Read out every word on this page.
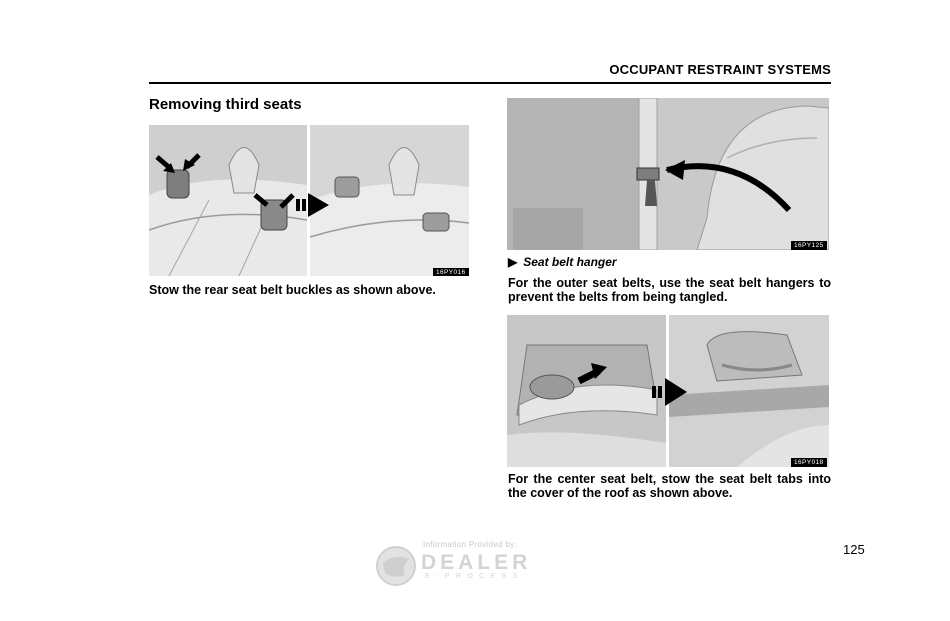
OCCUPANT RESTRAINT SYSTEMS
Removing third seats
16PY016
Stow the rear seat belt buckles as shown above.
16PY125
▶ Seat belt hanger
For the outer seat belts, use the seat belt hangers to prevent the belts from being tangled.
16PY018
For the center seat belt, stow the seat belt tabs into the cover of the roof as shown above.
125
Information Provided by:
DEALER
E-PROCESS
